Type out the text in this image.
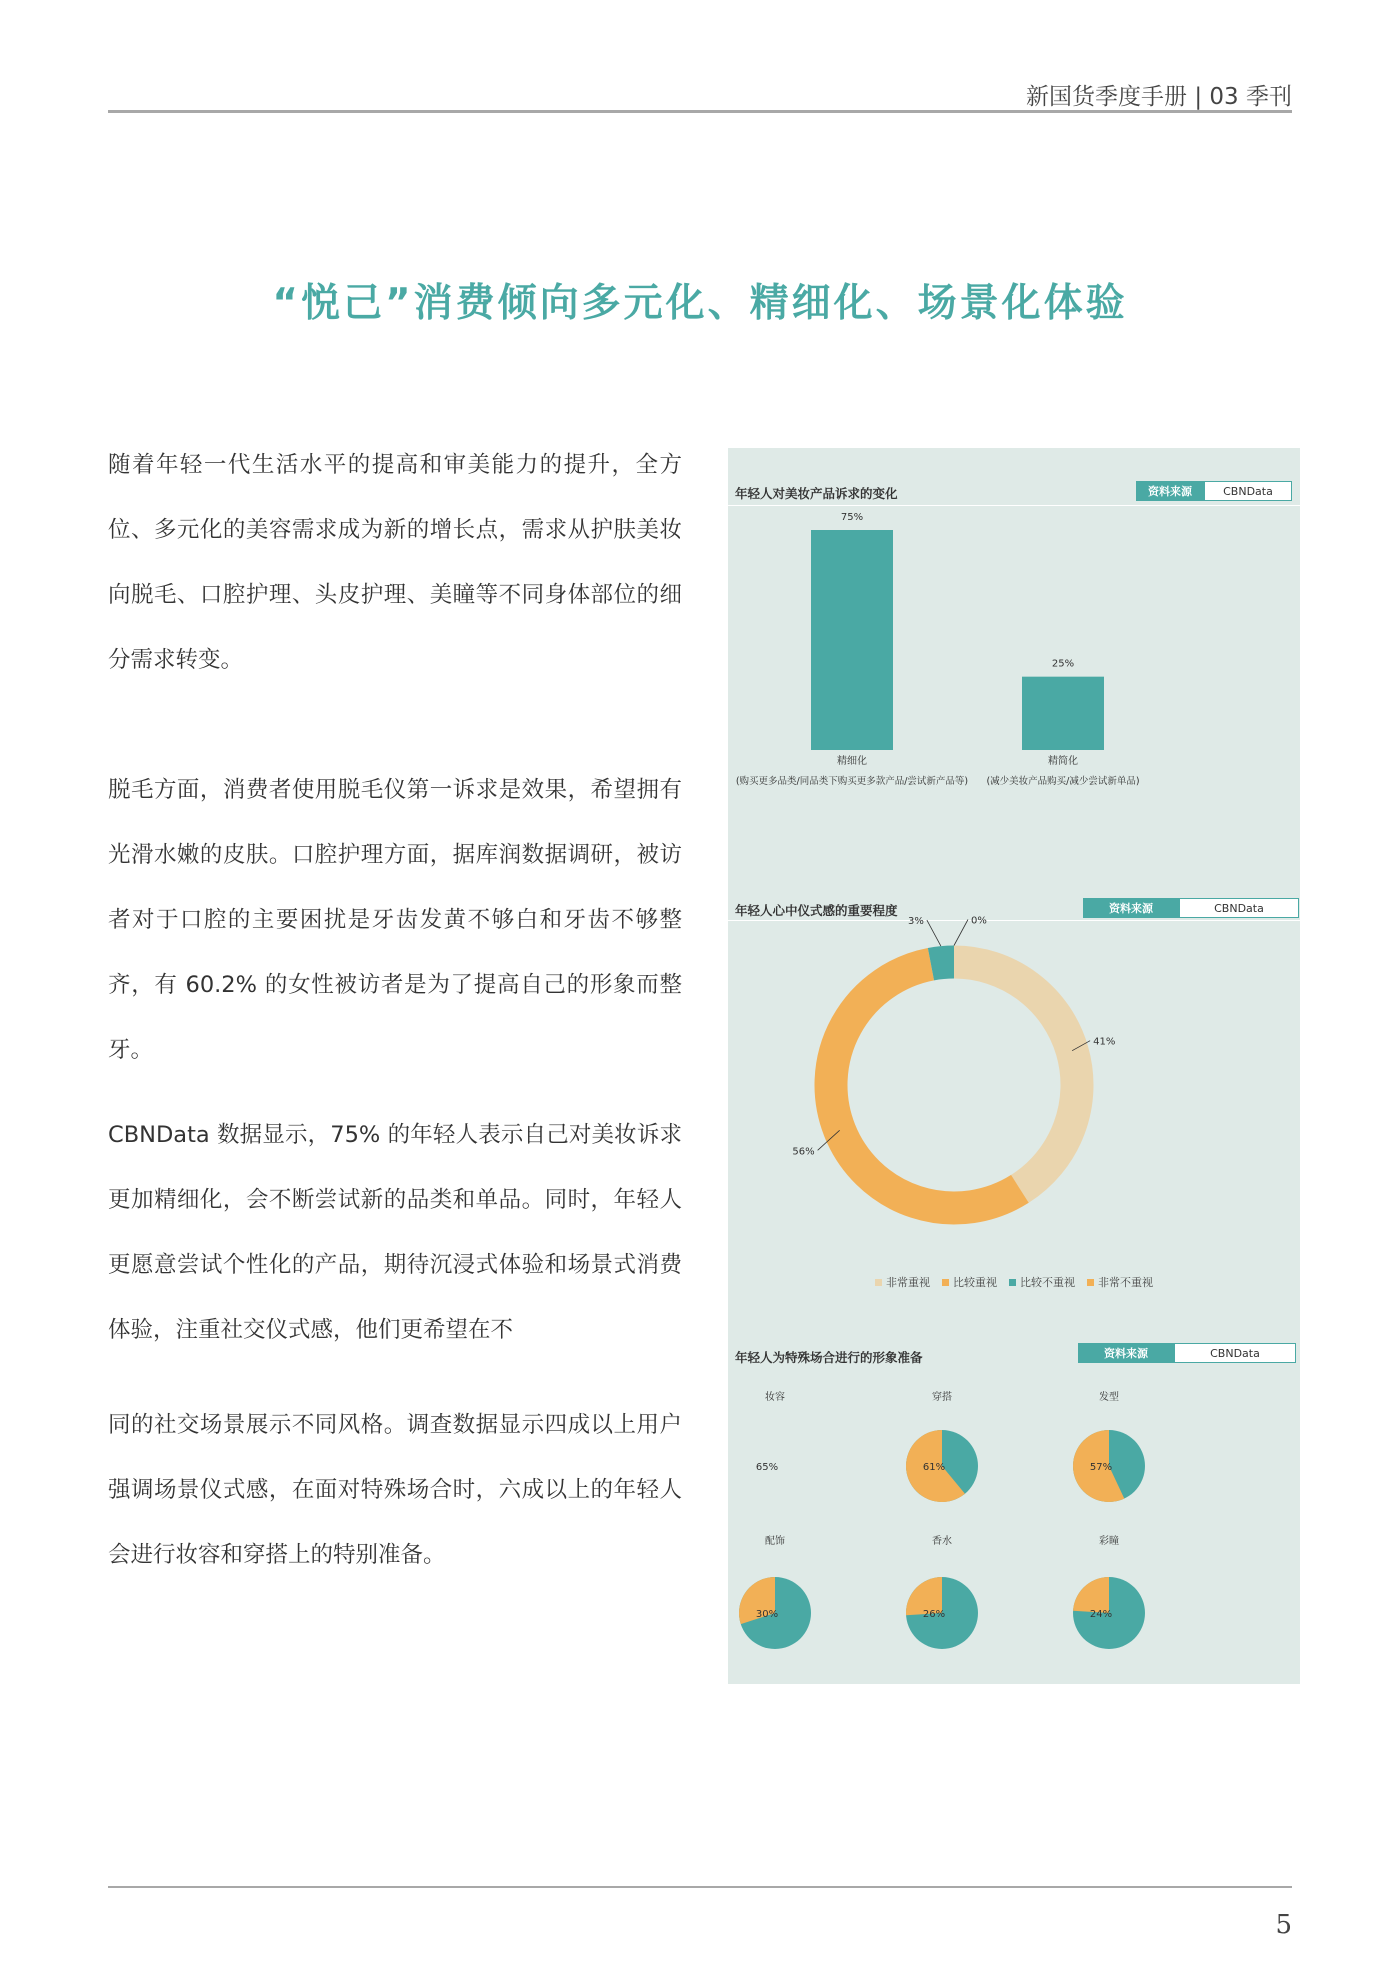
新国货季度手册 | 03 季刊
“悦己”消费倾向多元化、精细化、场景化体验

随着年轻一代生活水平的提高和审美能力的提升，全方位、多元化的美容需求成为新的增长点，需求从护肤美妆向脱毛、口腔护理、头皮护理、美瞳等不同身体部位的细分需求转变。

脱毛方面，消费者使用脱毛仪第一诉求是效果，希望拥有光滑水嫩的皮肤。口腔护理方面，据库润数据调研，被访者对于口腔的主要困扰是牙齿发黄不够白和牙齿不够整齐，有 60.2% 的女性被访者是为了提高自己的形象而整牙。

CBNData 数据显示，75% 的年轻人表示自己对美妆诉求更加精细化，会不断尝试新的品类和单品。同时，年轻人更愿意尝试个性化的产品，期待沉浸式体验和场景式消费体验，注重社交仪式感，他们更希望在不

同的社交场景展示不同风格。调查数据显示四成以上用户强调场景仪式感，在面对特殊场合时，六成以上的年轻人会进行妆容和穿搭上的特别准备。

年轻人对美妆产品诉求的变化	资料来源	CBNData
年轻人心中仪式感的重要程度	资料来源	CBNData
年轻人为特殊场合进行的形象准备	资料来源	CBNData
75%
精细化
(购买更多品类/同品类下购买更多款产品/尝试新产品等)
25%
精简化
(减少美妆产品购买/减少尝试新单品)
41%
56%
3%	0%
妆容
65%
穿搭
61%
发型
57%
配饰
30%
香水
26%
彩瞳
24%
非常重视 比较重视 比较不重视 非常不重视
5
